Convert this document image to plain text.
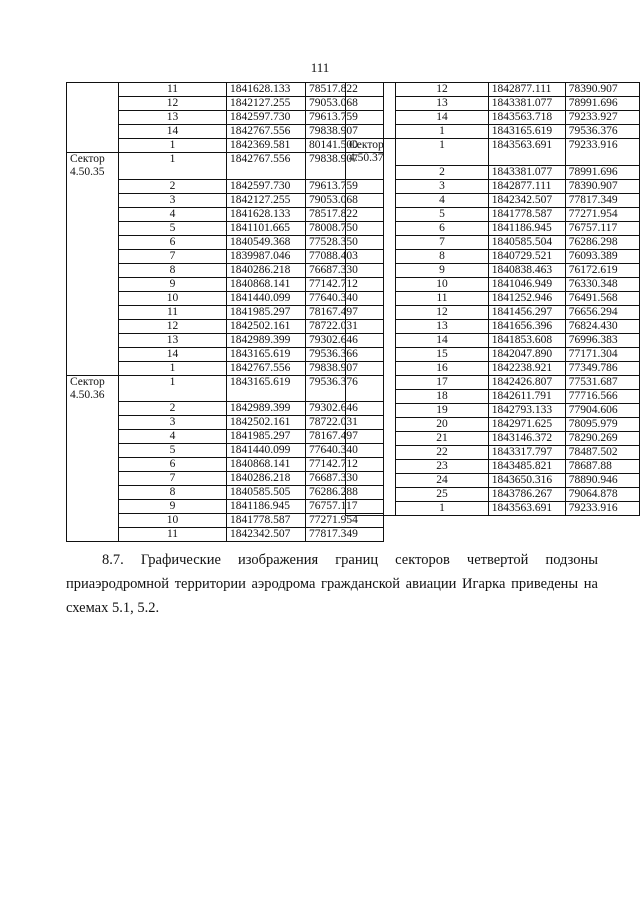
111
	11	1841628.133	78517.822
	12	1842127.255	79053.068
	13	1842597.730	79613.759
	14	1842767.556	79838.907
	1	1842369.581	80141.500
Сектор 4.50.35	1	1842767.556	79838.907
	2	1842597.730	79613.759
	3	1842127.255	79053.068
	4	1841628.133	78517.822
	5	1841101.665	78008.750
	6	1840549.368	77528.350
	7	1839987.046	77088.403
	8	1840286.218	76687.330
	9	1840868.141	77142.712
	10	1841440.099	77640.340
	11	1841985.297	78167.497
	12	1842502.161	78722.031
	13	1842989.399	79302.646
	14	1843165.619	79536.366
	1	1842767.556	79838.907
Сектор 4.50.36	1	1843165.619	79536.376
	2	1842989.399	79302.646
	3	1842502.161	78722.031
	4	1841985.297	78167.497
	5	1841440.099	77640.340
	6	1840868.141	77142.712
	7	1840286.218	76687.330
	8	1840585.505	76286.288
	9	1841186.945	76757.117
	10	1841778.587	77271.954
	11	1842342.507	77817.349
	12	1842877.111	78390.907
	13	1843381.077	78991.696
	14	1843563.718	79233.927
	1	1843165.619	79536.376
Сектор 4.50.37	1	1843563.691	79233.916
	2	1843381.077	78991.696
	3	1842877.111	78390.907
	4	1842342.507	77817.349
	5	1841778.587	77271.954
	6	1841186.945	76757.117
	7	1840585.504	76286.298
	8	1840729.521	76093.389
	9	1840838.463	76172.619
	10	1841046.949	76330.348
	11	1841252.946	76491.568
	12	1841456.297	76656.294
	13	1841656.396	76824.430
	14	1841853.608	76996.383
	15	1842047.890	77171.304
	16	1842238.921	77349.786
	17	1842426.807	77531.687
	18	1842611.791	77716.566
	19	1842793.133	77904.606
	20	1842971.625	78095.979
	21	1843146.372	78290.269
	22	1843317.797	78487.502
	23	1843485.821	78687.88
	24	1843650.316	78890.946
	25	1843786.267	79064.878
	1	1843563.691	79233.916
8.7. Графические изображения границ секторов четвертой подзоны приаэродромной территории аэродрома гражданской авиации Игарка приведены на схемах 5.1, 5.2.
